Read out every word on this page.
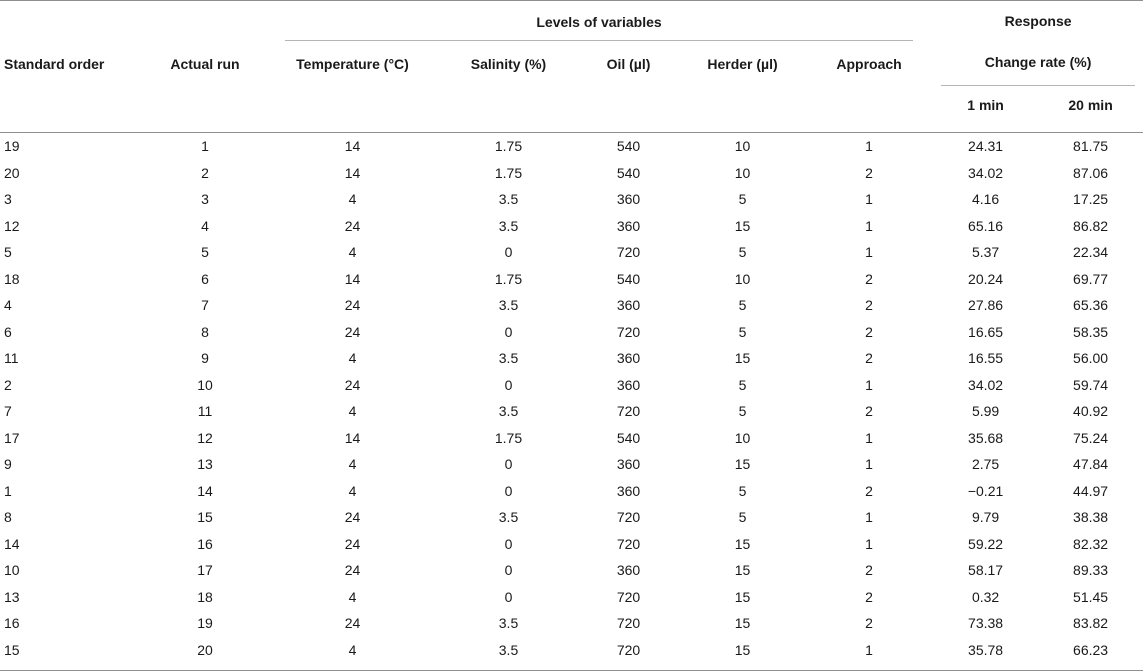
		Levels of variables					Response	
Standard order	Actual run	Temperature (°C)	Salinity (%)	Oil (µl)	Herder (µl)	Approach	Change rate (%)	

							1 min	20 min

19	1	14	1.75	540	10	1	24.31	81.75
20	2	14	1.75	540	10	2	34.02	87.06
3	3	4	3.5	360	5	1	4.16	17.25
12	4	24	3.5	360	15	1	65.16	86.82
5	5	4	0	720	5	1	5.37	22.34
18	6	14	1.75	540	10	2	20.24	69.77
4	7	24	3.5	360	5	2	27.86	65.36
6	8	24	0	720	5	2	16.65	58.35
11	9	4	3.5	360	15	2	16.55	56.00
2	10	24	0	360	5	1	34.02	59.74
7	11	4	3.5	720	5	2	5.99	40.92
17	12	14	1.75	540	10	1	35.68	75.24
9	13	4	0	360	15	1	2.75	47.84
1	14	4	0	360	5	2	−0.21	44.97
8	15	24	3.5	720	5	1	9.79	38.38
14	16	24	0	720	15	1	59.22	82.32
10	17	24	0	360	15	2	58.17	89.33
13	18	4	0	720	15	2	0.32	51.45
16	19	24	3.5	720	15	2	73.38	83.82
15	20	4	3.5	720	15	1	35.78	66.23
